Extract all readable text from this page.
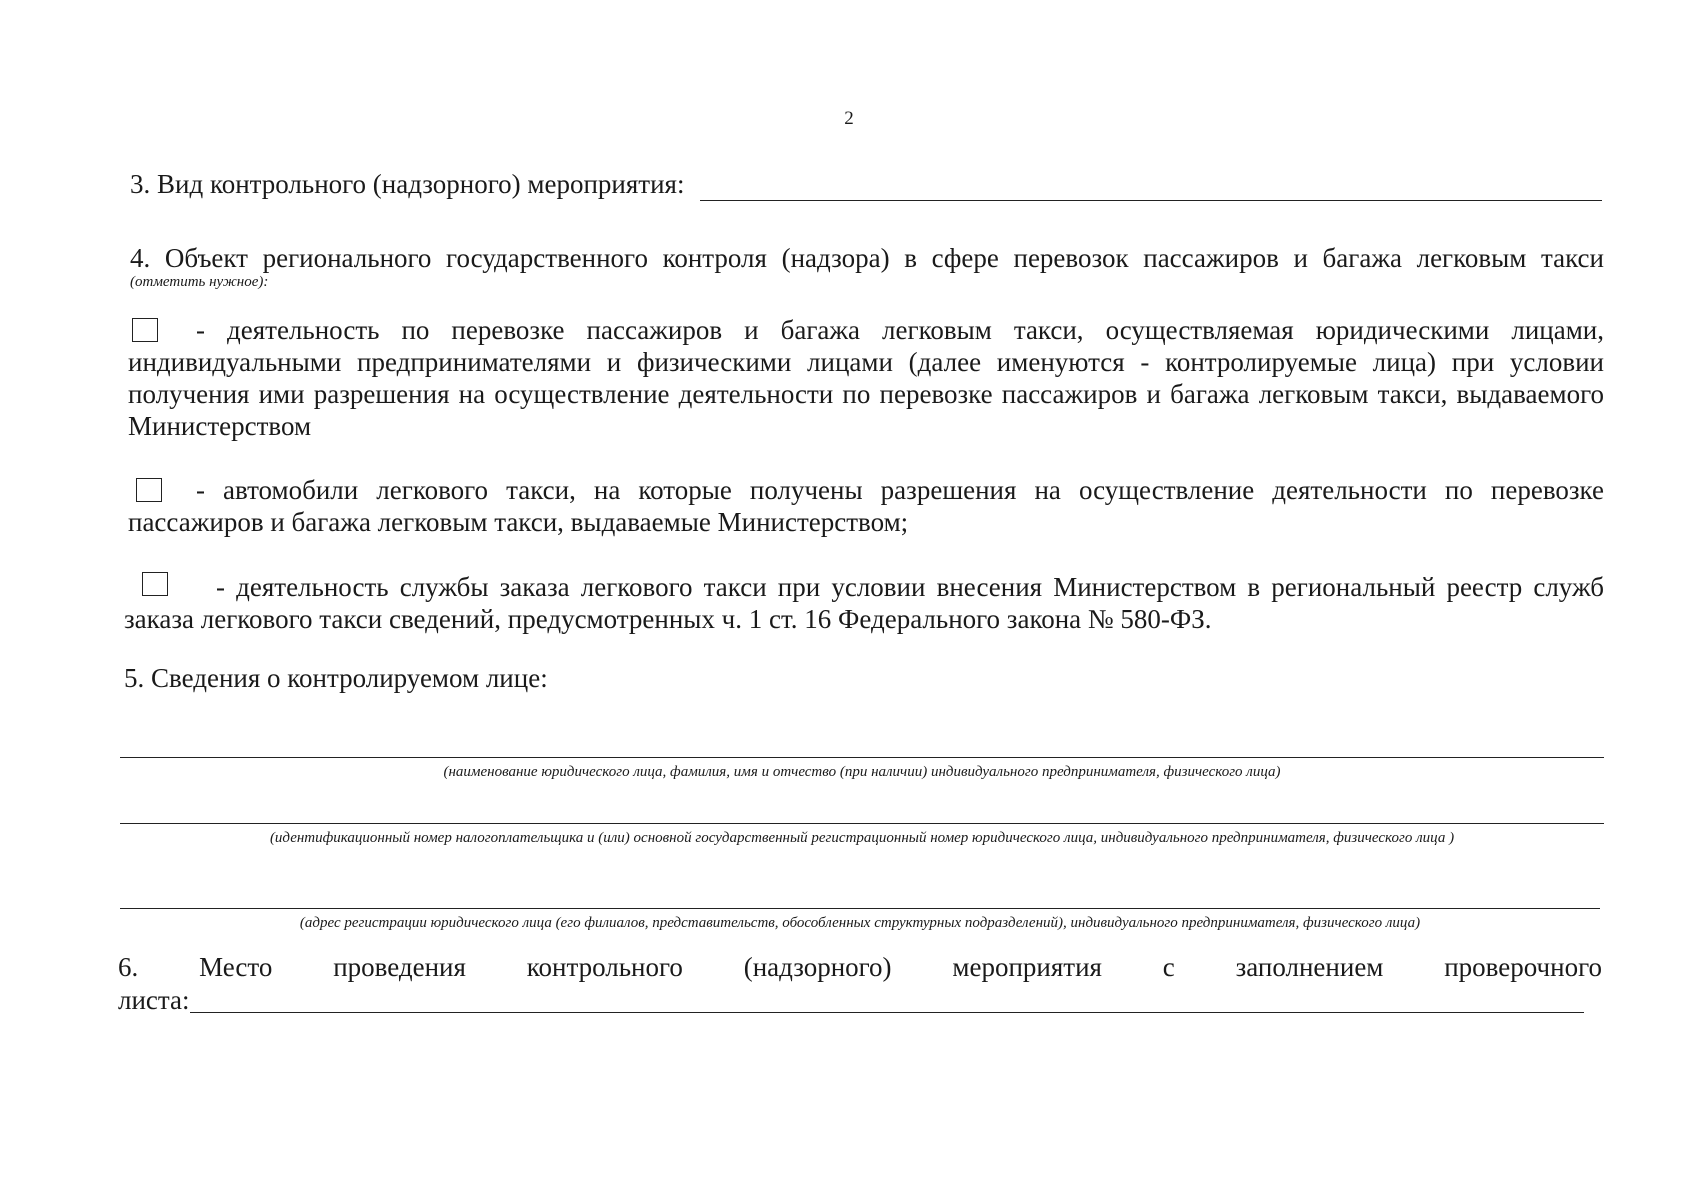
2
3. Вид контрольного (надзорного) мероприятия:
4. Объект регионального государственного контроля (надзора) в сфере перевозок пассажиров и багажа легковым такси
(отметить нужное):
- деятельность по перевозке пассажиров и багажа легковым такси, осуществляемая юридическими лицами,
индивидуальными предпринимателями и физическими лицами (далее именуются - контролируемые лица) при условии получения ими разрешения на осуществление деятельности по перевозке пассажиров и багажа легковым такси, выдаваемого Министерством
- автомобили легкового такси, на которые получены разрешения на осуществление деятельности по перевозке
пассажиров и багажа легковым такси, выдаваемые Министерством;
- деятельность службы заказа легкового такси при условии внесения Министерством в региональный реестр служб
заказа легкового такси сведений, предусмотренных ч. 1 ст. 16 Федерального закона № 580-ФЗ.
5. Сведения о контролируемом лице:
(наименование юридического лица, фамилия, имя и отчество (при наличии) индивидуального предпринимателя, физического лица)
(идентификационный номер налогоплательщика и (или) основной государственный регистрационный номер юридического лица, индивидуального предпринимателя, физического лица )
(адрес регистрации юридического лица (его филиалов, представительств, обособленных структурных подразделений), индивидуального предпринимателя, физического лица)
6. Место проведения контрольного (надзорного) мероприятия с заполнением проверочного
листа:
